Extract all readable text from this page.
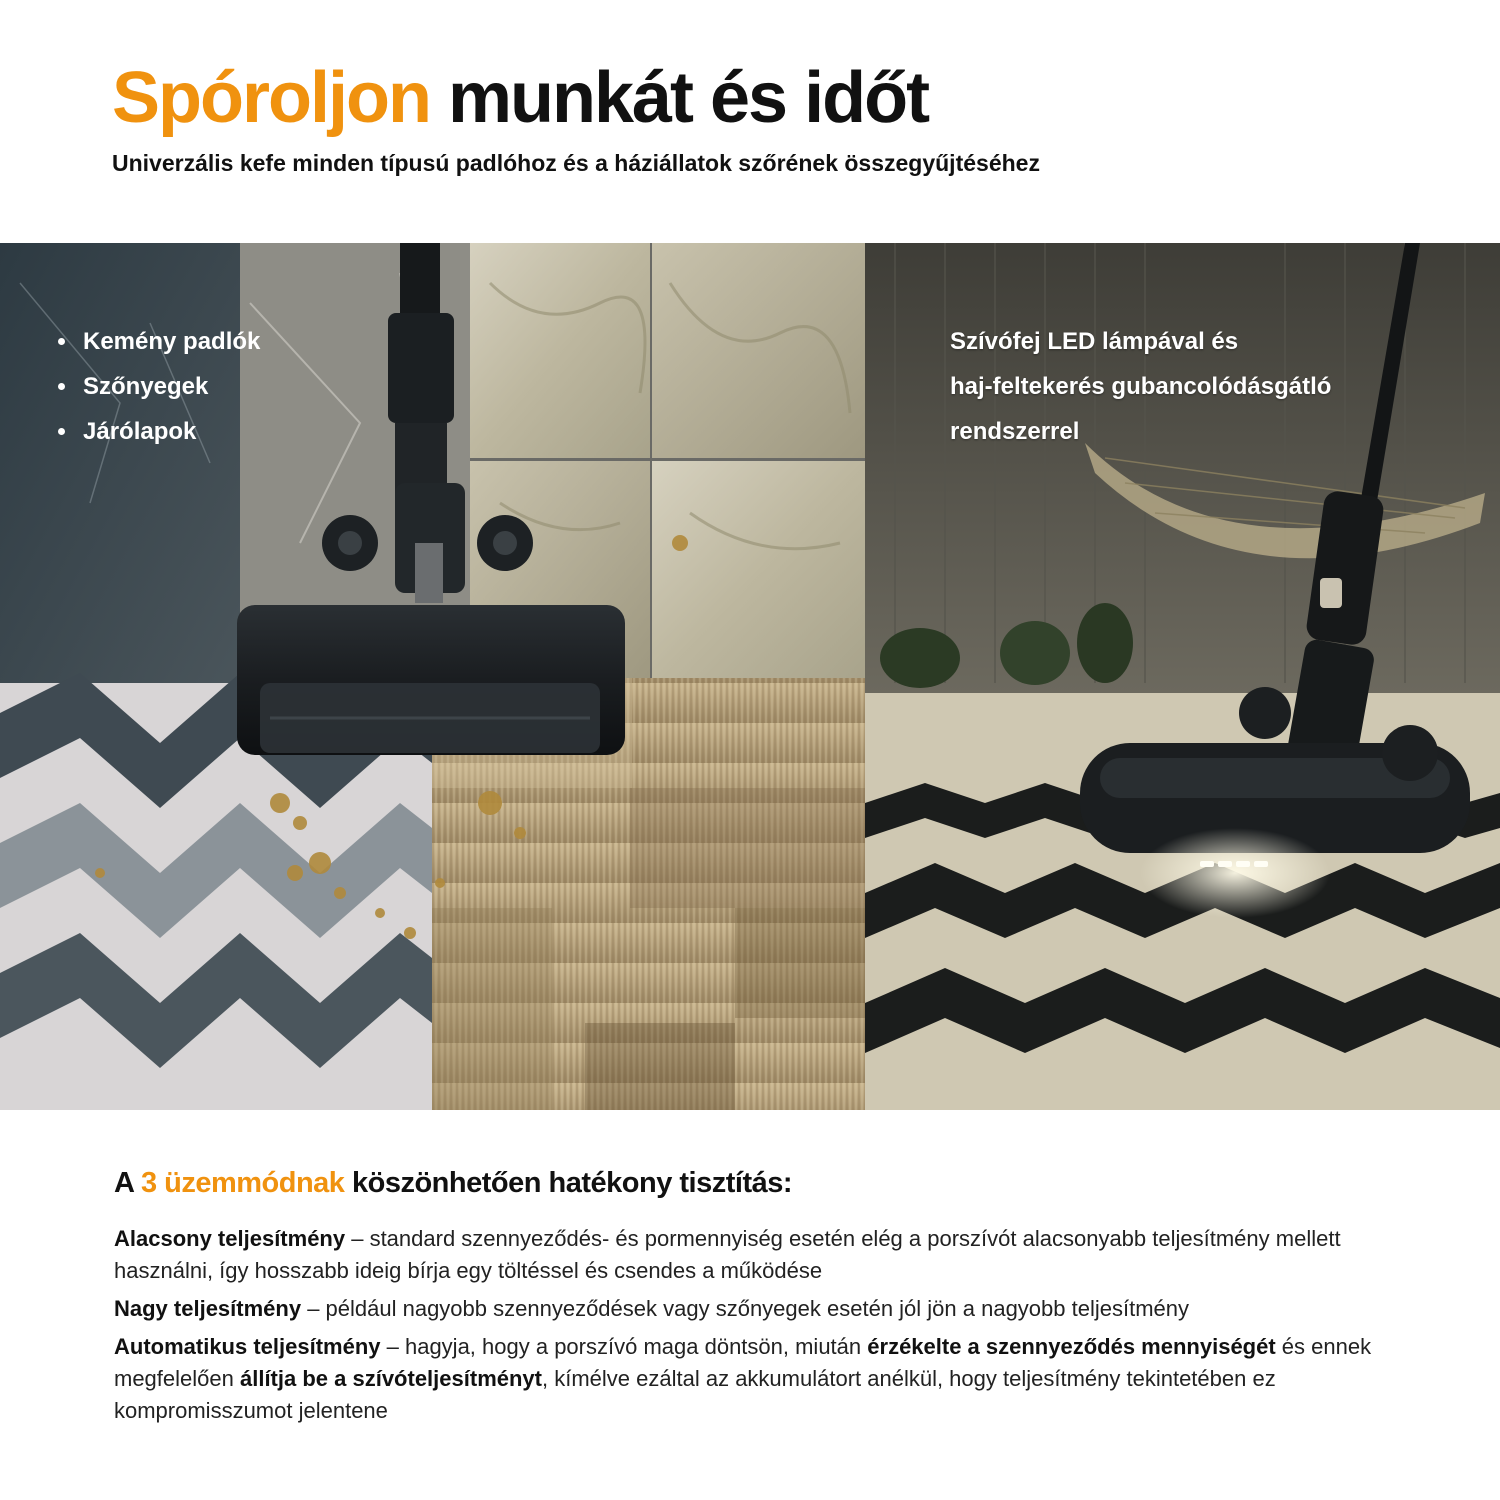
Spóroljon munkát és időt
Univerzális kefe minden típusú padlóhoz és a háziállatok szőrének összegyűjtéséhez
Kemény padlók
Szőnyegek
Járólapok
Szívófej LED lámpával és
haj-feltekerés gubancolódásgátló
rendszerrel
A 3 üzemmódnak köszönhetően hatékony tisztítás:

Alacsony teljesítmény – standard szennyeződés- és pormennyiség esetén elég a porszívót alacsonyabb teljesítmény mellett használni, így hosszabb ideig bírja egy töltéssel és csendes a működése

Nagy teljesítmény – például nagyobb szennyeződések vagy szőnyegek esetén jól jön a nagyobb teljesítmény

Automatikus teljesítmény – hagyja, hogy a porszívó maga döntsön, miután érzékelte a szennyeződés mennyiségét és ennek megfelelően állítja be a szívóteljesítményt, kímélve ezáltal az akkumulátort anélkül, hogy teljesítmény tekintetében ez kompromisszumot jelentene
